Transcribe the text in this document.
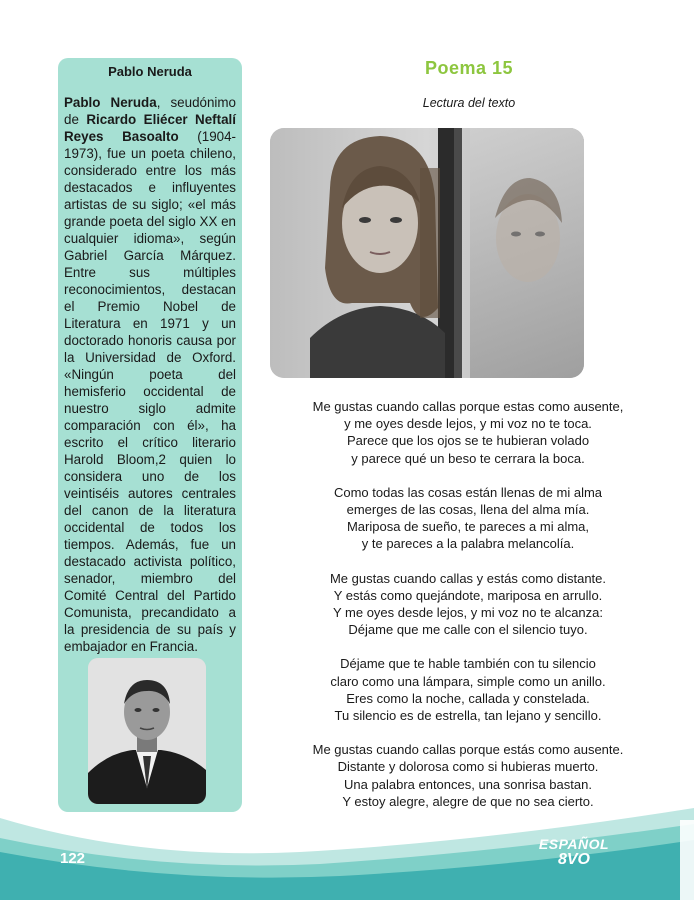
Pablo Neruda

Pablo Neruda, seudónimo de Ricardo Eliécer Neftalí Reyes Basoalto (1904-1973), fue un poeta chileno, considerado entre los más destacados e influyentes artistas de su siglo; «el más grande poeta del siglo XX en cualquier idioma», según Gabriel García Márquez. Entre sus múltiples reconocimientos, destacan el Premio Nobel de Literatura en 1971 y un doctorado honoris causa por la Universidad de Oxford. «Ningún poeta del hemisferio occidental de nuestro siglo admite comparación con él», ha escrito el crítico literario Harold Bloom,2 quien lo considera uno de los veintiséis autores centrales del canon de la literatura occidental de todos los tiempos. Además, fue un destacado activista político, senador, miembro del Comité Central del Partido Comunista, precandidato a la presidencia de su país y embajador en Francia.

Poema 15
Lectura del texto
Me gustas cuando callas porque estas como ausente,
y me oyes desde lejos, y mi voz no te toca.
Parece que los ojos se te hubieran volado
y parece qué un beso te cerrara la boca.
Como todas las cosas están llenas de mi alma
emerges de las cosas, llena del alma mía.
Mariposa de sueño, te pareces a mi alma,
y te pareces a la palabra melancolía.
Me gustas cuando callas y estás como distante.
Y estás como quejándote, mariposa en arrullo.
Y me oyes desde lejos, y mi voz no te alcanza:
Déjame que me calle con el silencio tuyo.
Déjame que te hable también con tu silencio
claro como una lámpara, simple como un anillo.
Eres como la noche, callada y constelada.
Tu silencio es de estrella, tan lejano y sencillo.
Me gustas cuando callas porque estás como ausente.
Distante y dolorosa como si hubieras muerto.
Una palabra entonces, una sonrisa bastan.
Y estoy alegre, alegre de que no sea cierto.
122
ESPAÑOL
8VO
